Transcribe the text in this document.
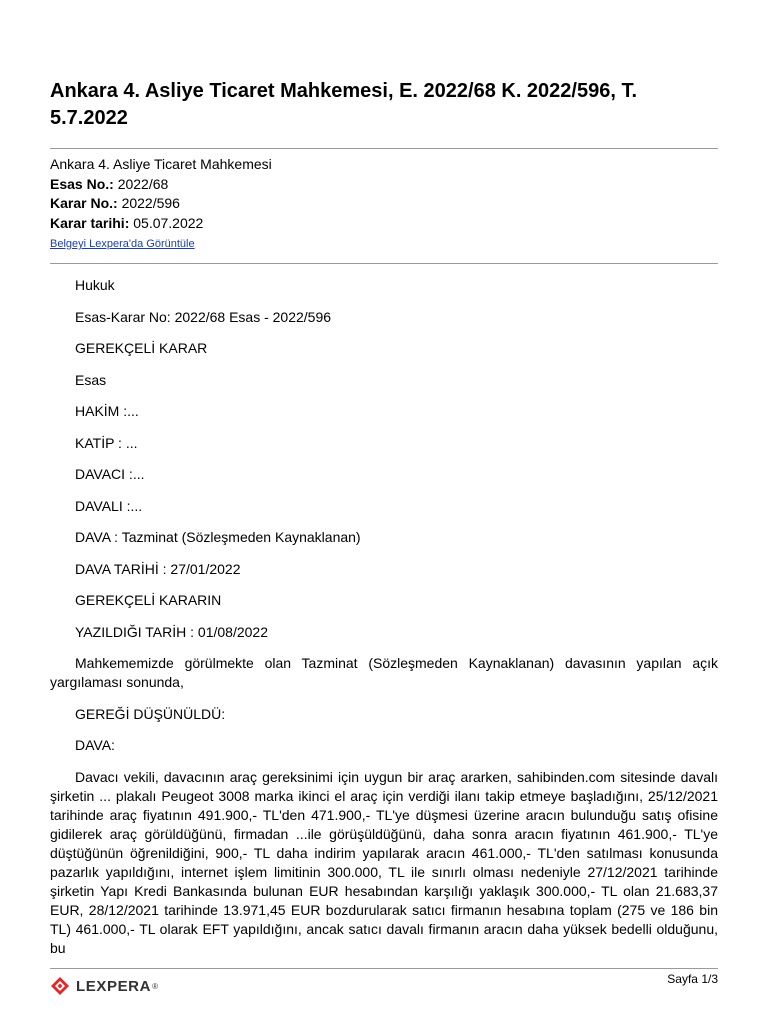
Ankara 4. Asliye Ticaret Mahkemesi, E. 2022/68 K. 2022/596, T. 5.7.2022
Ankara 4. Asliye Ticaret Mahkemesi
Esas No.: 2022/68
Karar No.: 2022/596
Karar tarihi: 05.07.2022
Belgeyi Lexpera'da Görüntüle

Hukuk

Esas-Karar No: 2022/68 Esas - 2022/596

GEREKÇELİ KARAR

Esas

HAKİM :...

KATİP : ...

DAVACI :...

DAVALI :...

DAVA : Tazminat (Sözleşmeden Kaynaklanan)

DAVA TARİHİ : 27/01/2022

GEREKÇELİ KARARIN

YAZILDIĞI TARİH : 01/08/2022

Mahkememizde görülmekte olan Tazminat (Sözleşmeden Kaynaklanan) davasının yapılan açık yargılaması sonunda,

GEREĞİ DÜŞÜNÜLDÜ:

DAVA:

Davacı vekili, davacının araç gereksinimi için uygun bir araç ararken, sahibinden.com sitesinde davalı şirketin ... plakalı Peugeot 3008 marka ikinci el araç için verdiği ilanı takip etmeye başladığını, 25/12/2021 tarihinde araç fiyatının 491.900,- TL'den 471.900,- TL'ye düşmesi üzerine aracın bulunduğu satış ofisine gidilerek araç görüldüğünü, firmadan ...ile görüşüldüğünü, daha sonra aracın fiyatının 461.900,- TL'ye düştüğünün öğrenildiğini, 900,- TL daha indirim yapılarak aracın 461.000,- TL'den satılması konusunda pazarlık yapıldığını, internet işlem limitinin 300.000, TL ile sınırlı olması nedeniyle 27/12/2021 tarihinde şirketin Yapı Kredi Bankasında bulunan EUR hesabından karşılığı yaklaşık 300.000,- TL olan 21.683,37 EUR, 28/12/2021 tarihinde 13.971,45 EUR bozdurularak satıcı firmanın hesabına toplam (275 ve 186 bin TL) 461.000,- TL olarak EFT yapıldığını, ancak satıcı davalı firmanın aracın daha yüksek bedelli olduğunu, bu

LEXPERA ®	Sayfa 1/3
